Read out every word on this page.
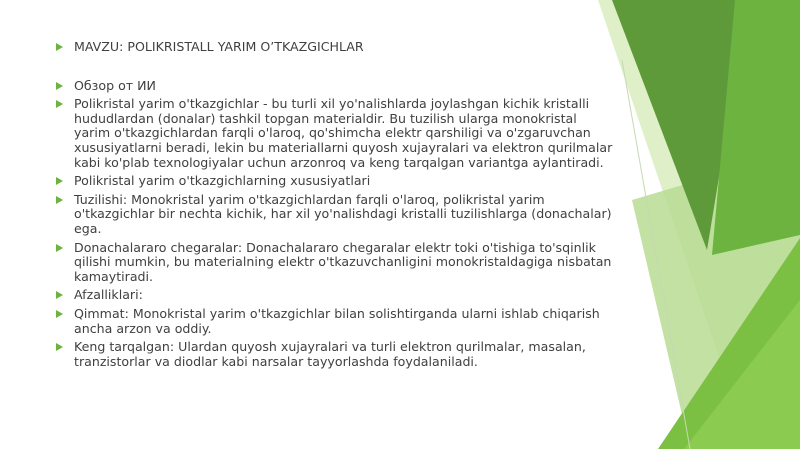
MAVZU: POLIKRISTALL YARIM O’TKAZGICHLAR
Обзор от ИИ
Polikristal yarim o'tkazgichlar - bu turli xil yo'nalishlarda joylashgan kichik kristalli hududlardan (donalar) tashkil topgan materialdir. Bu tuzilish ularga monokristal yarim o'tkazgichlardan farqli o'laroq, qo'shimcha elektr qarshiligi va o'zgaruvchan xususiyatlarni beradi, lekin bu materiallarni quyosh xujayralari va elektron qurilmalar kabi ko'plab texnologiyalar uchun arzonroq va keng tarqalgan variantga aylantiradi.
Polikristal yarim o'tkazgichlarning xususiyatlari
Tuzilishi: Monokristal yarim o'tkazgichlardan farqli o'laroq, polikristal yarim o'tkazgichlar bir nechta kichik, har xil yo'nalishdagi kristalli tuzilishlarga (donachalar) ega.
Donachalararo chegaralar: Donachalararo chegaralar elektr toki o'tishiga to'sqinlik qilishi mumkin, bu materialning elektr o'tkazuvchanligini monokristaldagiga nisbatan kamaytiradi.
Afzalliklari:
Qimmat: Monokristal yarim o'tkazgichlar bilan solishtirganda ularni ishlab chiqarish ancha arzon va oddiy.
Keng tarqalgan: Ulardan quyosh xujayralari va turli elektron qurilmalar, masalan, tranzistorlar va diodlar kabi narsalar tayyorlashda foydalaniladi.
